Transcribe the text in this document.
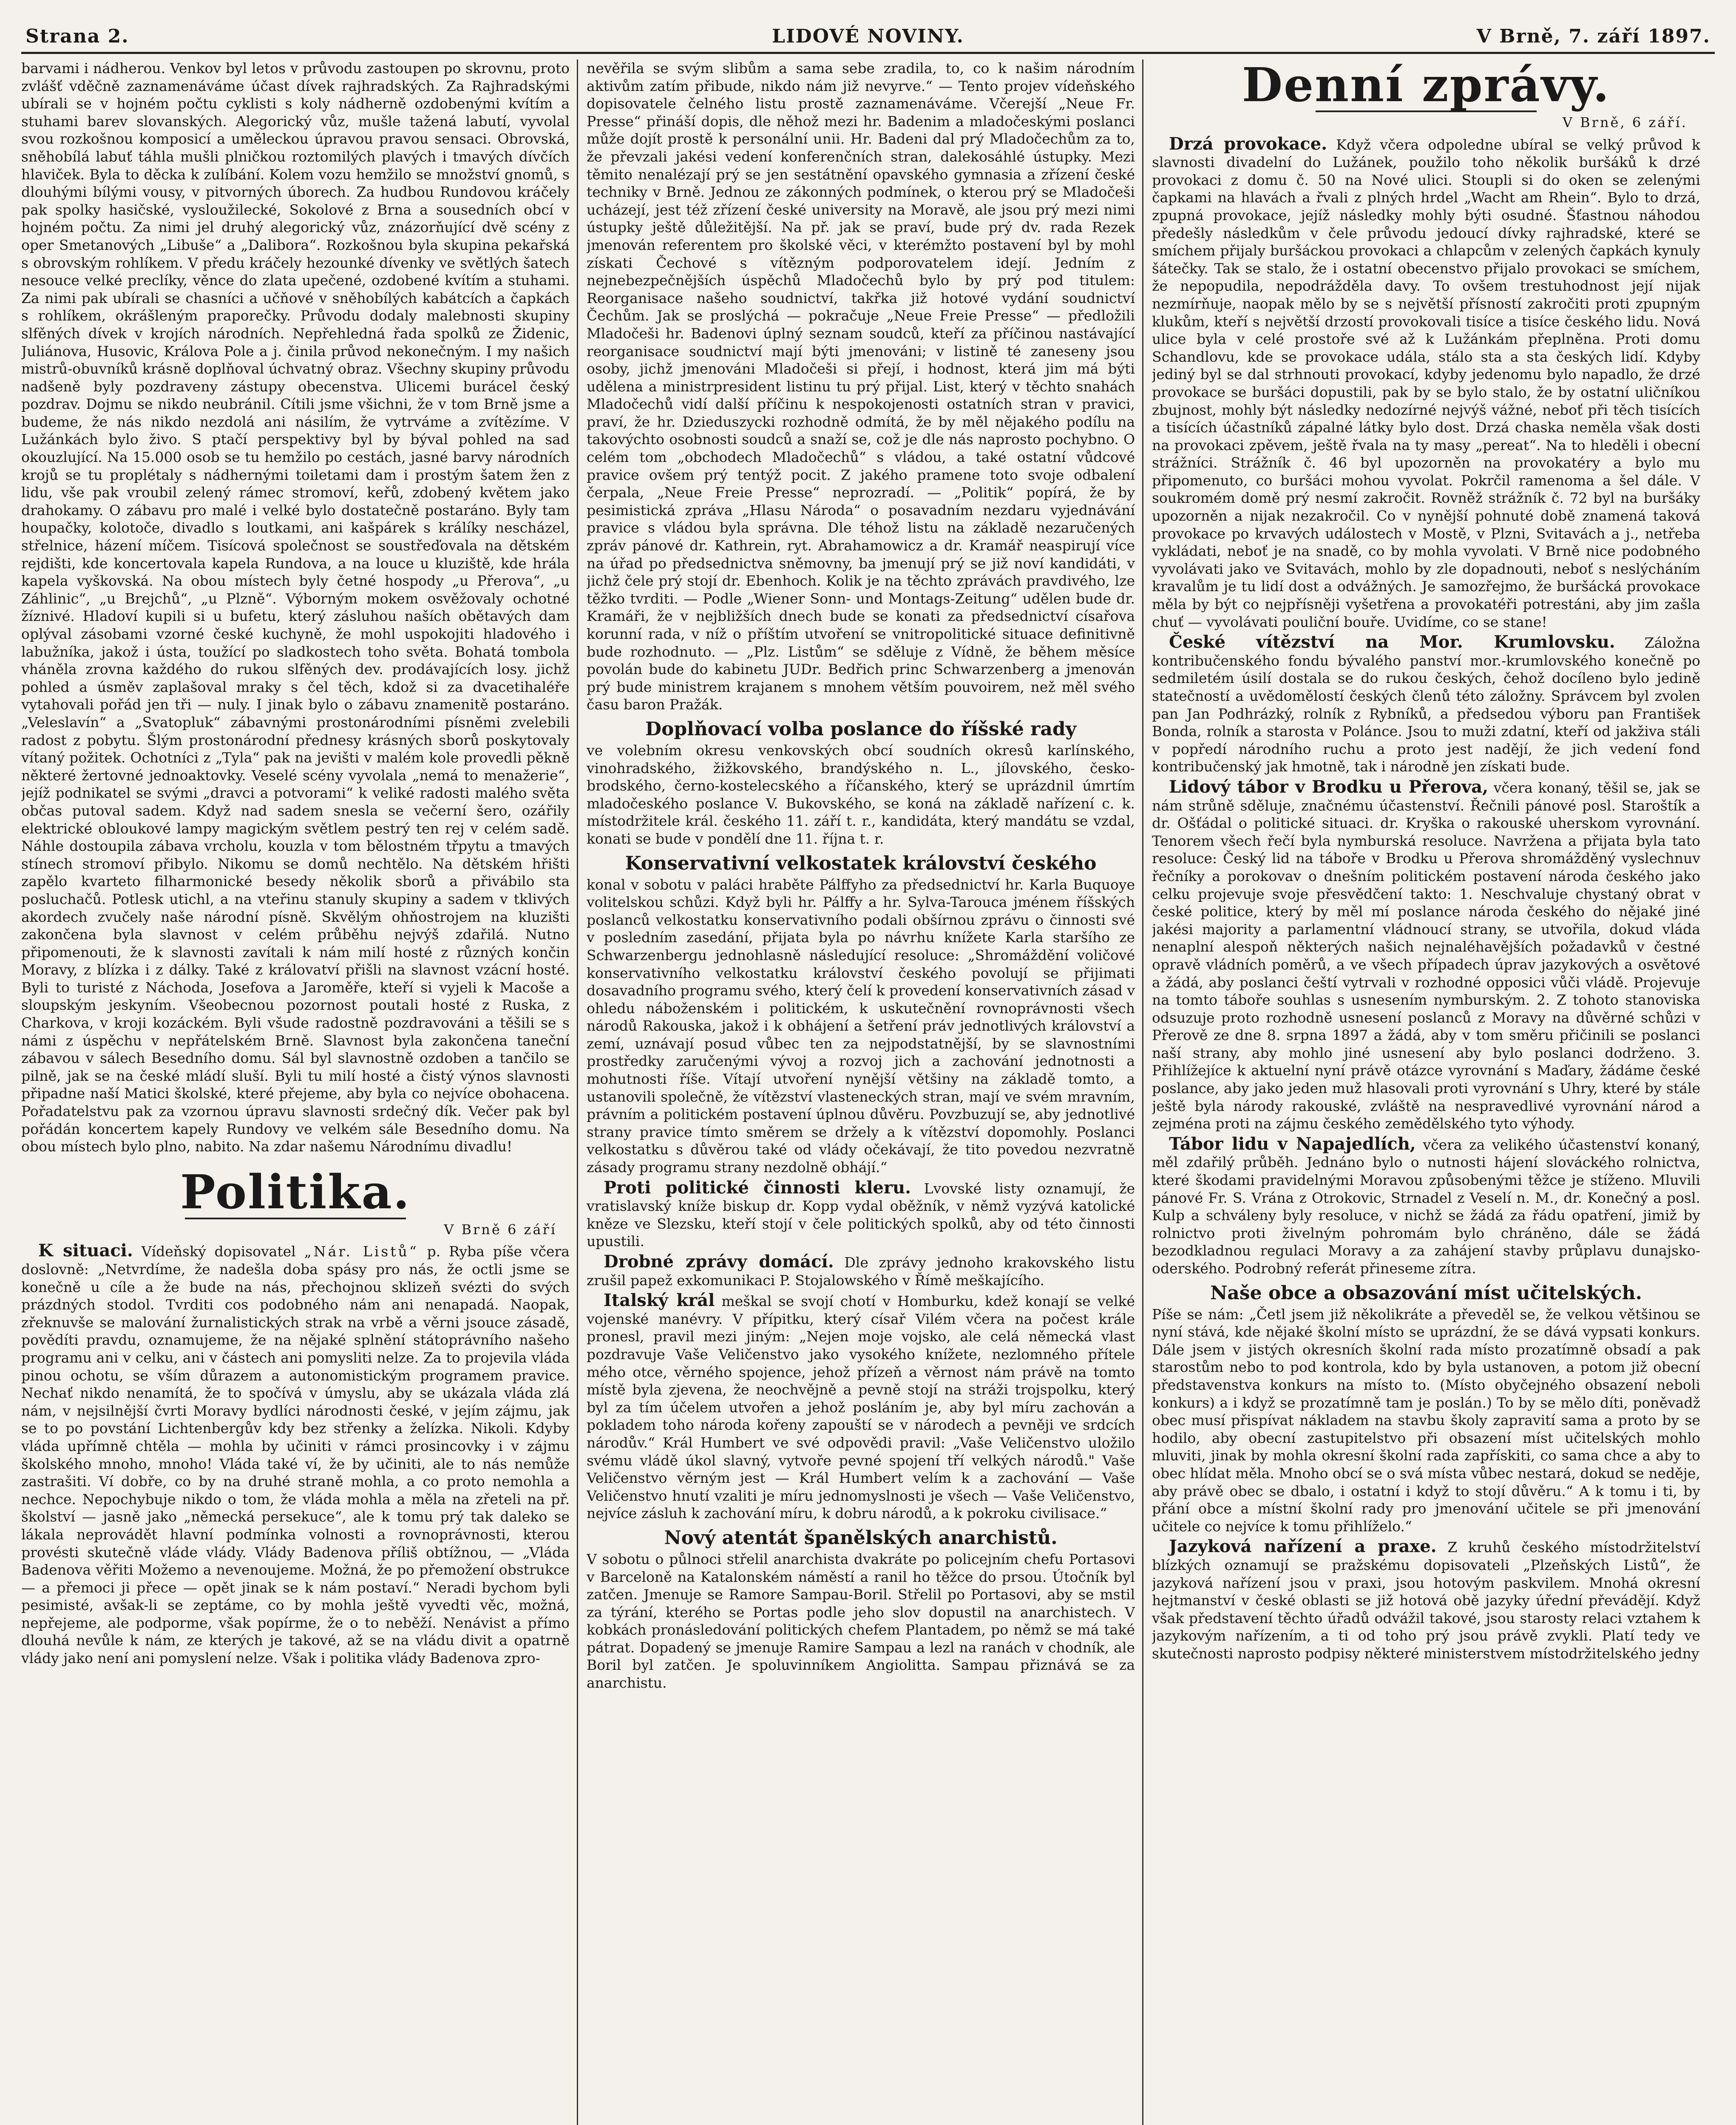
Strana 2.	LIDOVÉ NOVINY.	V Brně, 7. září 1897.

barvami i nádherou. Venkov byl letos v průvodu zastoupen po skrovnu, proto zvlášť vděčně zaznamenáváme účast dívek rajhradských. Za Rajhradskými ubírali se v hojném počtu cyklisti s koly nádherně ozdobenými kvítím a stuhami barev slovanských. Alegorický vůz, mušle tažená labutí, vyvolal svou rozkošnou komposicí a uměleckou úpravou pravou sensaci. Obrovská, sněhobílá labuť táhla mušli plničkou roztomilých plavých i tmavých dívčích hlaviček. Byla to děcka k zulíbání. Kolem vozu hemžilo se množství gnomů, s dlouhými bílými vousy, v pitvorných úborech. Za hudbou Rundovou kráčely pak spolky hasičské, vysloužilecké, Sokolové z Brna a sousedních obcí v hojném počtu. Za nimi jel druhý alegorický vůz, znázorňující dvě scény z oper Smetanových „Libuše“ a „Dalibora“. Rozkošnou byla skupina pekařská s obrovským rohlíkem. V předu kráčely hezounké dívenky ve světlých šatech nesouce velké preclíky, věnce do zlata upečené, ozdobené kvítím a stuhami. Za nimi pak ubírali se chasníci a učňové v sněhobílých kabátcích a čapkách s rohlíkem, okrášleným praporečky. Průvodu dodaly malebnosti skupiny slfěných dívek v krojích národních. Nepřehledná řada spolků ze Židenic, Juliánova, Husovic, Králova Pole a j. činila průvod nekonečným. I my našich mistrů-obuvníků krásně doplňoval úchvatný obraz. Všechny skupiny průvodu nadšeně byly pozdraveny zástupy obecenstva. Ulicemi burácel český pozdrav. Dojmu se nikdo neubránil. Cítili jsme všichni, že v tom Brně jsme a budeme, že nás nikdo nezdolá ani násilím, že vytrváme a zvítězíme. V Lužánkách bylo živo. S ptačí perspektivy byl by býval pohled na sad okouzlující. Na 15.000 osob se tu hemžilo po cestách, jasné barvy národních krojů se tu proplétaly s nádhernými toiletami dam i prostým šatem žen z lidu, vše pak vroubil zelený rámec stromoví, keřů, zdobený květem jako drahokamy. O zábavu pro malé i velké bylo dostatečně postaráno. Byly tam houpačky, kolotoče, divadlo s loutkami, ani kašpárek s králíky nescházel, střelnice, házení míčem. Tisícová společnost se soustřeďovala na dětském rejdišti, kde koncertovala kapela Rundova, a na louce u kluziště, kde hrála kapela vyškovská. Na obou místech byly četné hospody „u Přerova“, „u Záhlinic“, „u Brejchů“, „u Plzně“. Výborným mokem osvěžovaly ochotné žíznivé. Hladoví kupili si u bufetu, který zásluhou naších obětavých dam oplýval zásobami vzorné české kuchyně, že mohl uspokojiti hladového i labužníka, jakož i ústa, toužící po sladkostech toho světa. Bohatá tombola vháněla zrovna každého do rukou slfěných dev. prodávajících losy. jichž pohled a úsměv zaplašoval mraky s čel těch, kdož si za dvacetihaléře vytahovali pořád jen tři — nuly. I jinak bylo o zábavu znamenitě postaráno. „Veleslavín“ a „Svatopluk“ zábavnými prostonárodními písněmi zvelebili radost z pobytu. Šlým prostonárodní přednesy krásných sborů poskytovaly vítaný požitek. Ochotníci z „Tyla“ pak na jevišti v malém kole provedli pěkně některé žertovné jednoaktovky. Veselé scény vyvolala „nemá to menažerie“, jejíž podnikatel se svými „dravci a potvorami“ k veliké radosti malého světa občas putoval sadem. Když nad sadem snesla se večerní šero, ozářily elektrické obloukové lampy magickým světlem pestrý ten rej v celém sadě. Náhle dostoupila zábava vrcholu, kouzla v tom bělostném třpytu a tmavých stínech stromoví přibylo. Nikomu se domů nechtělo. Na dětském hřišti zapělo kvarteto filharmonické besedy několik sborů a přivábilo sta posluchačů. Potlesk utichl, a na vteřinu stanuly skupiny a sadem v tklivých akordech zvučely naše národní písně. Skvělým ohňostrojem na kluzišti zakončena byla slavnost v celém průběhu nejvýš zdařilá. Nutno připomenouti, že k slavnosti zavítali k nám milí hosté z různých končin Moravy, z blízka i z dálky. Také z královatví přišli na slavnost vzácní hosté. Byli to turisté z Náchoda, Josefova a Jaroměře, kteří si vyjeli k Macoše a sloupským jeskyním. Všeobecnou pozornost poutali hosté z Ruska, z Charkova, v kroji kozáckém. Byli všude radostně pozdravováni a těšili se s námi z úspěchu v nepřátelském Brně. Slavnost byla zakončena taneční zábavou v sálech Besedního domu. Sál byl slavnostně ozdoben a tančilo se pilně, jak se na české mládí sluší. Byli tu milí hosté a čistý výnos slavnosti připadne naší Matici školské, které přejeme, aby byla co nejvíce obohacena. Pořadatelstvu pak za vzornou úpravu slavnosti srdečný dík. Večer pak byl pořádán koncertem kapely Rundovy ve velkém sále Besedního domu. Na obou místech bylo plno, nabito. Na zdar našemu Národnímu divadlu!

Politika.
V Brně 6 září

K situaci. Vídeňský dopisovatel „Nár. Listů“ p. Ryba píše včera doslovně: „Netvrdíme, že nadešla doba spásy pro nás, že octli jsme se konečně u cíle a že bude na nás, přechojnou sklizeň svézti do svých prázdných stodol. Tvrditi cos podobného nám ani nenapadá. Naopak, zřeknuvše se malování žurnalistických strak na vrbě a věrni jsouce zásadě, povědíti pravdu, oznamujeme, že na nějaké splnění státoprávního našeho programu ani v celku, ani v částech ani pomysliti nelze. Za to projevila vláda pinou ochotu, se vším důrazem a autonomistickým programem pravice. Nechať nikdo nenamítá, že to spočívá v úmyslu, aby se ukázala vláda zlá nám, v nejsilnější čvrti Moravy bydlíci národnosti české, v jejím zájmu, jak se to po povstání Lichtenbergův kdy bez střenky a želízka. Nikoli. Kdyby vláda upřímně chtěla — mohla by učiniti v rámci prosincovky i v zájmu školského mnoho, mnoho! Vláda také ví, že by učiniti, ale to nás nemůže zastrašiti. Ví dobře, co by na druhé straně mohla, a co proto nemohla a nechce. Nepochybuje nikdo o tom, že vláda mohla a měla na zřeteli na př. školství — jasně jako „německá persekuce“, ale k tomu prý tak daleko se lákala neprovádět hlavní podmínka volnosti a rovnoprávnosti, kterou provésti skutečně vláde vlády. Vlády Badenova příliš obtížnou, — „Vláda Badenova věřiti Možemo a nevenoujeme. Možná, že po přemožení obstrukce — a přemoci ji přece — opět jinak se k nám postaví.“ Neradi bychom byli pesimisté, avšak-li se zeptáme, co by mohla ještě vyvedti věc, možná, nepřejeme, ale podporme, však popírme, že o to neběží. Nenávist a přímo dlouhá nevůle k nám, ze kterých je takové, až se na vládu divit a opatrně vlády jako není ani pomyslení nelze. Však i politika vlády Badenova zpro-

nevěřila se svým slibům a sama sebe zradila, to, co k našim národním aktivům zatím přibude, nikdo nám již nevyrve.“ — Tento projev vídeňského dopisovatele čelného listu prostě zaznamenáváme. Včerejší „Neue Fr. Presse“ přináší dopis, dle něhož mezi hr. Badenim a mladočeskými poslanci může dojít prostě k personální unii. Hr. Badeni dal prý Mladočechům za to, že převzali jakési vedení konferenčních stran, dalekosáhlé ústupky. Mezi těmito nenalézají prý se jen sestátnění opavského gymnasia a zřízení české techniky v Brně. Jednou ze zákonných podmínek, o kterou prý se Mladočeši ucházejí, jest též zřízení české university na Moravě, ale jsou prý mezi nimi ústupky ještě důležitější. Na př. jak se praví, bude prý dv. rada Rezek jmenován referentem pro školské věci, v kterémžto postavení byl by mohl získati Čechové s vítězným podporovatelem idejí. Jedním z nejnebezpečnějších úspěchů Mladočechů bylo by prý pod titulem: Reorganisace našeho soudnictví, takřka již hotové vydání soudnictví Čechům. Jak se proslýchá — pokračuje „Neue Freie Presse“ — předložili Mladočeši hr. Badenovi úplný seznam soudců, kteří za příčinou nastávající reorganisace soudnictví mají býti jmenováni; v listině té zaneseny jsou osoby, jichž jmenováni Mladočeši si přejí, i hodnost, která jim má býti udělena a ministrpresident listinu tu prý přijal. List, který v těchto snahách Mladočechů vidí další příčinu k nespokojenosti ostatních stran v pravici, praví, že hr. Dzieduszycki rozhodně odmítá, že by měl nějakého podílu na takovýchto osobnosti soudců a snaží se, což je dle nás naprosto pochybno. O celém tom „obchodech Mladočechů“ s vládou, a také ostatní vůdcové pravice ovšem prý tentýž pocit. Z jakého pramene toto svoje odbalení čerpala, „Neue Freie Presse“ neprozradí. — „Politik“ popírá, že by pesimistická zpráva „Hlasu Národa“ o posavadním nezdaru vyjednávání pravice s vládou byla správna. Dle téhož listu na základě nezaručených zpráv pánové dr. Kathrein, ryt. Abrahamowicz a dr. Kramář neaspirují více na úřad po předsednictva sněmovny, ba jmenují prý se již noví kandidáti, v jichž čele prý stojí dr. Ebenhoch. Kolik je na těchto zprávách pravdivého, lze těžko tvrditi. — Podle „Wiener Sonn- und Montags-Zeitung“ udělen bude dr. Kramáři, že v nejbližších dnech bude se konati za předsednictví císařova korunní rada, v níž o příštím utvoření se vnitropolitické situace definitivně bude rozhodnuto. — „Plz. Listům“ se sděluje z Vídně, že během měsíce povolán bude do kabinetu JUDr. Bedřich princ Schwarzenberg a jmenován prý bude ministrem krajanem s mnohem větším pouvoirem, než měl svého času baron Pražák.

Doplňovací volba poslance do říšské rady

ve volebním okresu venkovských obcí soudních okresů karlínského, vinohradského, žižkovského, brandýského n. L., jílovského, česko-brodského, černo-kostelecského a říčanského, který se uprázdnil úmrtím mladočeského poslance V. Bukovského, se koná na základě nařízení c. k. místodržitele král. českého 11. září t. r., kandidáta, který mandátu se vzdal, konati se bude v pondělí dne 11. října t. r.

Konservativní velkostatek království českého

konal v sobotu v paláci hraběte Pálffyho za předsednictví hr. Karla Buquoye volitelskou schůzi. Když byli hr. Pálffy a hr. Sylva-Tarouca jménem říšských poslanců velkostatku konservativního podali obšírnou zprávu o činnosti své v posledním zasedání, přijata byla po návrhu knížete Karla staršího ze Schwarzenbergu jednohlasně následující resoluce: „Shromáždění voličové konservativního velkostatku království českého povolují se přijimati dosavadního programu svého, který čelí k provedení konservativních zásad v ohledu náboženském i politickém, k uskutečnění rovnoprávnosti všech národů Rakouska, jakož i k obhájení a šetření práv jednotlivých království a zemí, uznávají posud vůbec ten za nejpodstatnější, by se slavnostními prostředky zaručenými vývoj a rozvoj jich a zachování jednotnosti a mohutnosti říše. Vítají utvoření nynější většiny na základě tomto, a ustanovili společně, že vítězství vlasteneckých stran, mají ve svém mravním, právním a politickém postavení úplnou důvěru. Povzbuzují se, aby jednotlivé strany pravice tímto směrem se držely a k vítězství dopomohly. Poslanci velkostatku s důvěrou také od vlády očekávají, že tito povedou nezvratně zásady programu strany nezdolně obhájí.“

Proti politické činnosti kleru. Lvovské listy oznamují, že vratislavský kníže biskup dr. Kopp vydal oběžník, v němž vyzývá katolické kněze ve Slezsku, kteří stojí v čele politických spolků, aby od této činnosti upustili.

Drobné zprávy domácí. Dle zprávy jednoho krakovského listu zrušil papež exkomunikaci P. Stojalowského v Římě meškajícího.

Italský král meškal se svojí chotí v Homburku, kdež konají se velké vojenské manévry. V přípitku, který císař Vilém včera na počest krále pronesl, pravil mezi jiným: „Nejen moje vojsko, ale celá německá vlast pozdravuje Vaše Veličenstvo jako vysokého knížete, nezlomného přítele mého otce, věrného spojence, jehož přízeň a věrnost nám právě na tomto místě byla zjevena, že neochvějně a pevně stojí na stráži trojspolku, který byl za tím účelem utvořen a jehož posláním je, aby byl míru zachován a pokladem toho národa kořeny zapouští se v národech a pevněji ve srdcích národův.“ Král Humbert ve své odpovědi pravil: „Vaše Veličenstvo uložilo svému vládě úkol slavný, vytvoře pevné spojení tří velkých národů." Vaše Veličenstvo věrným jest — Král Humbert velím k a zachování — Vaše Veličenstvo hnutí vzaliti je míru jednomyslnosti je všech — Vaše Veličenstvo, nejvíce zásluh k zachování míru, k dobru národů, a k pokroku civilisace.“

Nový atentát španělských anarchistů.

V sobotu o půlnoci střelil anarchista dvakráte po policejním chefu Portasovi v Barceloně na Katalonském náměstí a ranil ho těžce do prsou. Útočník byl zatčen. Jmenuje se Ramore Sampau-Boril. Střelil po Portasovi, aby se mstil za týrání, kterého se Portas podle jeho slov dopustil na anarchistech. V kobkách pronásledování politických chefem Plantadem, po němž se má také pátrat. Dopadený se jmenuje Ramire Sampau a lezl na ranách v chodník, ale Boril byl zatčen. Je spoluvinníkem Angiolitta. Sampau přiznává se za anarchistu.

Denní zprávy.
V Brně, 6 září.

Drzá provokace. Když včera odpoledne ubíral se velký průvod k slavnosti divadelní do Lužánek, použilo toho několik buršáků k drzé provokaci z domu č. 50 na Nové ulici. Stoupli si do oken se zelenými čapkami na hlavách a řvali z plných hrdel „Wacht am Rhein“. Bylo to drzá, zpupná provokace, jejíž následky mohly býti osudné. Šťastnou náhodou předešly následkům v čele průvodu jedoucí dívky rajhradské, které se smíchem přijaly buršáckou provokaci a chlapcům v zelených čapkách kynuly šátečky. Tak se stalo, že i ostatní obecenstvo přijalo provokaci se smíchem, že nepopudila, nepodrážděla davy. To ovšem trestuhodnost její nijak nezmírňuje, naopak mělo by se s největší přísností zakročiti proti zpupným klukům, kteří s největší drzostí provokovali tisíce a tisíce českého lidu. Nová ulice byla v celé prostoře své až k Lužánkám přeplněna. Proti domu Schandlovu, kde se provokace udála, stálo sta a sta českých lidí. Kdyby jediný byl se dal strhnouti provokací, kdyby jedenomu bylo napadlo, že drzé provokace se buršáci dopustili, pak by se bylo stalo, že by ostatní uličníkou zbujnost, mohly být následky nedozírné nejvýš vážné, neboť při těch tisících a tisících účastníků zápalné látky bylo dost. Drzá chaska neměla však dosti na provokaci zpěvem, ještě řvala na ty masy „pereat“. Na to hleděli i obecní strážníci. Strážník č. 46 byl upozorněn na provokatéry a bylo mu připomenuto, co buršáci mohou vyvolat. Pokrčil ramenoma a šel dále. V soukromém domě prý nesmí zakročit. Rovněž strážník č. 72 byl na buršáky upozorněn a nijak nezakročil. Co v nynější pohnuté době znamená taková provokace po krvavých událostech v Mostě, v Plzni, Svitavách a j., netřeba vykládati, neboť je na snadě, co by mohla vyvolati. V Brně nice podobného vyvolávati jako ve Svitavách, mohlo by zle dopadnouti, neboť s neslýcháním kravalům je tu lidí dost a odvážných. Je samozřejmo, že buršácká provokace měla by být co nejpřísněji vyšetřena a provokatéři potrestáni, aby jim zašla chuť — vyvolávati pouliční bouře. Uvidíme, co se stane!

České vítězství na Mor. Krumlovsku. Záložna kontribučenského fondu bývalého panství mor.-krumlovského konečně po sedmiletém úsilí dostala se do rukou českých, čehož docíleno bylo jedině statečností a uvědomělostí českých členů této záložny. Správcem byl zvolen pan Jan Podhrázký, rolník z Rybníků, a předsedou výboru pan František Bonda, rolník a starosta v Polánce. Jsou to muži zdatní, kteří od jakživa stáli v popředí národního ruchu a proto jest nadějí, že jich vedení fond kontribučenský jak hmotně, tak i národně jen získati bude.

Lidový tábor v Brodku u Přerova, včera konaný, těšil se, jak se nám strůně sděluje, značnému účastenství. Řečnili pánové posl. Staroštík a dr. Ošťádal o politické situaci. dr. Kryška o rakouské uherskom vyrovnání. Tenorem všech řečí byla nymburská resoluce. Navržena a přijata byla tato resoluce: Český lid na táboře v Brodku u Přerova shromážděný vyslechnuv řečníky a porokovav o dnešním politickém postavení národa českého jako celku projevuje svoje přesvědčení takto: 1. Neschvaluje chystaný obrat v české politice, který by měl mí poslance národa českého do nějaké jiné jakési majority a parlamentní vládnoucí strany, se utvořila, dokud vláda nenaplní alespoň některých našich nejnaléhavějších požadavků v čestné opravě vládních poměrů, a ve všech případech úprav jazykových a osvětové a žádá, aby poslanci čeští vytrvali v rozhodné opposici vůči vládě. Projevuje na tomto táboře souhlas s usnesením nymburským. 2. Z tohoto stanoviska odsuzuje proto rozhodně usnesení poslanců z Moravy na důvěrné schůzi v Přerově ze dne 8. srpna 1897 a žádá, aby v tom směru přičinili se poslanci naší strany, aby mohlo jiné usnesení aby bylo poslanci dodrženo. 3. Přihlížejíce k aktuelní nyní právě otázce vyrovnání s Maďary, žádáme české poslance, aby jako jeden muž hlasovali proti vyrovnání s Uhry, které by stále ještě byla národy rakouské, zvláště na nespravedlivé vyrovnání národ a zejména proti na zájmu českého zemědělského tyto výhody.

Tábor lidu v Napajedlích, včera za velikého účastenství konaný, měl zdařilý průběh. Jednáno bylo o nutnosti hájení slováckého rolnictva, které škodami pravidelnými Moravou způsobenými těžce je stíženo. Mluvili pánové Fr. S. Vrána z Otrokovic, Strnadel z Veselí n. M., dr. Konečný a posl. Kulp a schváleny byly resoluce, v nichž se žádá za řádu opatření, jimiž by rolnictvo proti živelným pohromám bylo chráněno, dále se žádá bezodkladnou regulaci Moravy a za zahájení stavby průplavu dunajsko-oderského. Podrobný referát přineseme zítra.

Naše obce a obsazování míst učitelských.

Píše se nám: „Četl jsem již několikráte a převeděl se, že velkou většinou se nyní stává, kde nějaké školní místo se uprázdní, že se dává vypsati konkurs. Dále jsem v jistých okresních školní rada místo prozatímně obsadí a pak starostům nebo to pod kontrola, kdo by byla ustanoven, a potom již obecní představenstva konkurs na místo to. (Místo obyčejného obsazení neboli konkurs) a i když se prozatímně tam je poslán.) To by se mělo díti, poněvadž obec musí přispívat nákladem na stavbu školy zapravití sama a proto by se hodilo, aby obecní zastupitelstvo při obsazení míst učitelských mohlo mluviti, jinak by mohla okresní školní rada zapřískiti, co sama chce a aby to obec hlídat měla. Mnoho obcí se o svá místa vůbec nestará, dokud se neděje, aby právě obec se dbalo, i ostatní i když to stojí důvěru.“ A k tomu i ti, by přání obce a místní školní rady pro jmenování učitele se při jmenování učitele co nejvíce k tomu přihlíželo.“

Jazyková nařízení a praxe. Z kruhů českého místodržitelství blízkých oznamují se pražskému dopisovateli „Plzeňských Listů“, že jazyková nařízení jsou v praxi, jsou hotovým paskvilem. Mnohá okresní hejtmanství v české oblasti se již hotová obě jazyky úřední převádějí. Když však představení těchto úřadů odvážil takové, jsou starosty relaci vztahem k jazykovým nařízením, a ti od toho prý jsou právě zvykli. Platí tedy ve skutečnosti naprosto podpisy některé ministerstvem místodržitelského jedny
